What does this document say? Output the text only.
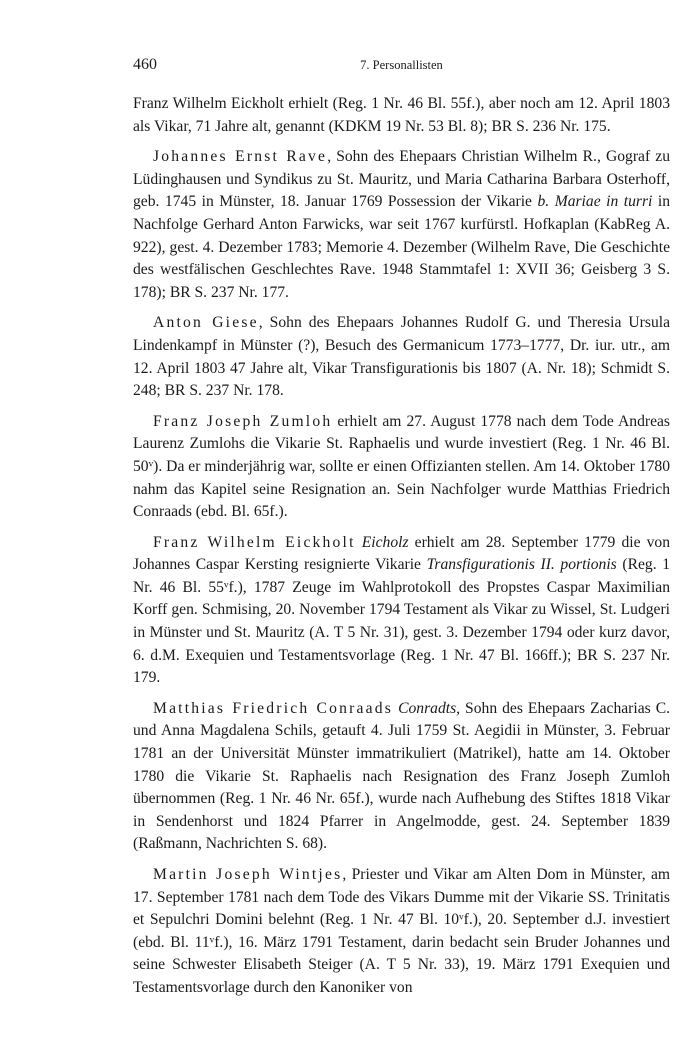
460	7. Personallisten

Franz Wilhelm Eickholt erhielt (Reg. 1 Nr. 46 Bl. 55f.), aber noch am 12. April 1803 als Vikar, 71 Jahre alt, genannt (KDKM 19 Nr. 53 Bl. 8); BR S. 236 Nr. 175.

Johannes Ernst Rave, Sohn des Ehepaars Christian Wilhelm R., Gograf zu Lüdinghausen und Syndikus zu St. Mauritz, und Maria Catharina Barbara Osterhoff, geb. 1745 in Münster, 18. Januar 1769 Possession der Vikarie b. Mariae in turri in Nachfolge Gerhard Anton Farwicks, war seit 1767 kurfürstl. Hofkaplan (KabReg A. 922), gest. 4. Dezember 1783; Memorie 4. Dezember (Wilhelm Rave, Die Geschichte des westfälischen Geschlechtes Rave. 1948 Stammtafel 1: XVII 36; Geisberg 3 S. 178); BR S. 237 Nr. 177.

Anton Giese, Sohn des Ehepaars Johannes Rudolf G. und Theresia Ursula Lindenkampf in Münster (?), Besuch des Germanicum 1773–1777, Dr. iur. utr., am 12. April 1803 47 Jahre alt, Vikar Transfigurationis bis 1807 (A. Nr. 18); Schmidt S. 248; BR S. 237 Nr. 178.

Franz Joseph Zumloh erhielt am 27. August 1778 nach dem Tode Andreas Laurenz Zumlohs die Vikarie St. Raphaelis und wurde investiert (Reg. 1 Nr. 46 Bl. 50ᵛ). Da er minderjährig war, sollte er einen Offizianten stellen. Am 14. Oktober 1780 nahm das Kapitel seine Resignation an. Sein Nachfolger wurde Matthias Friedrich Conraads (ebd. Bl. 65f.).

Franz Wilhelm Eickholt Eicholz erhielt am 28. September 1779 die von Johannes Caspar Kersting resignierte Vikarie Transfigurationis II. portionis (Reg. 1 Nr. 46 Bl. 55ᵛf.), 1787 Zeuge im Wahlprotokoll des Propstes Caspar Maximilian Korff gen. Schmising, 20. November 1794 Testament als Vikar zu Wissel, St. Ludgeri in Münster und St. Mauritz (A. T 5 Nr. 31), gest. 3. Dezember 1794 oder kurz davor, 6. d.M. Exequien und Testamentsvorlage (Reg. 1 Nr. 47 Bl. 166ff.); BR S. 237 Nr. 179.

Matthias Friedrich Conraads Conradts, Sohn des Ehepaars Zacharias C. und Anna Magdalena Schils, getauft 4. Juli 1759 St. Aegidii in Münster, 3. Februar 1781 an der Universität Münster immatrikuliert (Matrikel), hatte am 14. Oktober 1780 die Vikarie St. Raphaelis nach Resignation des Franz Joseph Zumloh übernommen (Reg. 1 Nr. 46 Nr. 65f.), wurde nach Aufhebung des Stiftes 1818 Vikar in Sendenhorst und 1824 Pfarrer in Angelmodde, gest. 24. September 1839 (Raßmann, Nachrichten S. 68).

Martin Joseph Wintjes, Priester und Vikar am Alten Dom in Münster, am 17. September 1781 nach dem Tode des Vikars Dumme mit der Vikarie SS. Trinitatis et Sepulchri Domini belehnt (Reg. 1 Nr. 47 Bl. 10ᵛf.), 20. September d.J. investiert (ebd. Bl. 11ᵛf.), 16. März 1791 Testament, darin bedacht sein Bruder Johannes und seine Schwester Elisabeth Steiger (A. T 5 Nr. 33), 19. März 1791 Exequien und Testamentsvorlage durch den Kanoniker von
